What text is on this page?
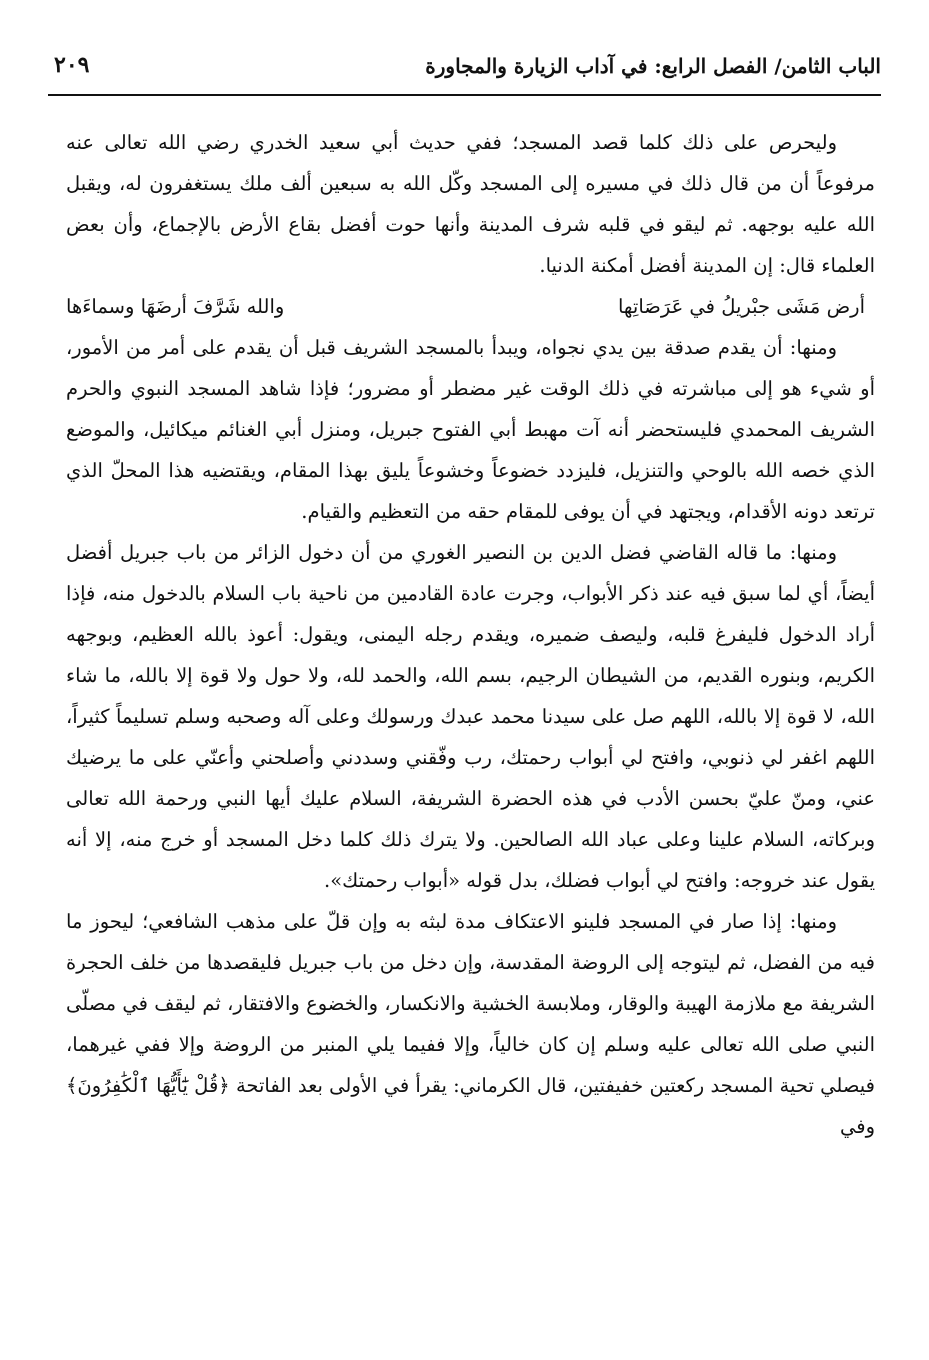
الباب الثامن/ الفصل الرابع: في آداب الزيارة والمجاورة
٢٠٩

وليحرص على ذلك كلما قصد المسجد؛ ففي حديث أبي سعيد الخدري رضي الله تعالى عنه مرفوعاً أن من قال ذلك في مسيره إلى المسجد وكّل الله به سبعين ألف ملك يستغفرون له، ويقبل الله عليه بوجهه. ثم ليقو في قلبه شرف المدينة وأنها حوت أفضل بقاع الأرض بالإجماع، وأن بعض العلماء قال: إن المدينة أفضل أمكنة الدنيا.

أرض مَشَى جبْريلُ في عَرَصَاتِها
والله شَرَّفَ أرضَهَا وسماءَها

ومنها: أن يقدم صدقة بين يدي نجواه، ويبدأ بالمسجد الشريف قبل أن يقدم على أمر من الأمور، أو شيء هو إلى مباشرته في ذلك الوقت غير مضطر أو مضرور؛ فإذا شاهد المسجد النبوي والحرم الشريف المحمدي فليستحضر أنه آت مهبط أبي الفتوح جبريل، ومنزل أبي الغنائم ميكائيل، والموضع الذي خصه الله بالوحي والتنزيل، فليزدد خضوعاً وخشوعاً يليق بهذا المقام، ويقتضيه هذا المحلّ الذي ترتعد دونه الأقدام، ويجتهد في أن يوفى للمقام حقه من التعظيم والقيام.

ومنها: ما قاله القاضي فضل الدين بن النصير الغوري من أن دخول الزائر من باب جبريل أفضل أيضاً، أي لما سبق فيه عند ذكر الأبواب، وجرت عادة القادمين من ناحية باب السلام بالدخول منه، فإذا أراد الدخول فليفرغ قلبه، وليصف ضميره، ويقدم رجله اليمنى، ويقول: أعوذ بالله العظيم، وبوجهه الكريم، وبنوره القديم، من الشيطان الرجيم، بسم الله، والحمد لله، ولا حول ولا قوة إلا بالله، ما شاء الله، لا قوة إلا بالله، اللهم صل على سيدنا محمد عبدك ورسولك وعلى آله وصحبه وسلم تسليماً كثيراً، اللهم اغفر لي ذنوبي، وافتح لي أبواب رحمتك، رب وفّقني وسددني وأصلحني وأعنّي على ما يرضيك عني، ومنّ عليّ بحسن الأدب في هذه الحضرة الشريفة، السلام عليك أيها النبي ورحمة الله تعالى وبركاته، السلام علينا وعلى عباد الله الصالحين. ولا يترك ذلك كلما دخل المسجد أو خرج منه، إلا أنه يقول عند خروجه: وافتح لي أبواب فضلك، بدل قوله «أبواب رحمتك».

ومنها: إذا صار في المسجد فلينو الاعتكاف مدة لبثه به وإن قلّ على مذهب الشافعي؛ ليحوز ما فيه من الفضل، ثم ليتوجه إلى الروضة المقدسة، وإن دخل من باب جبريل فليقصدها من خلف الحجرة الشريفة مع ملازمة الهيبة والوقار، وملابسة الخشية والانكسار، والخضوع والافتقار، ثم ليقف في مصلّى النبي صلى الله تعالى عليه وسلم إن كان خالياً، وإلا ففيما يلي المنبر من الروضة وإلا ففي غيرهما، فيصلي تحية المسجد ركعتين خفيفتين، قال الكرماني: يقرأ في الأولى بعد الفاتحة ﴿قُلْ يَٰٓأَيُّهَا ٱلْكَٰفِرُونَ﴾ وفي
